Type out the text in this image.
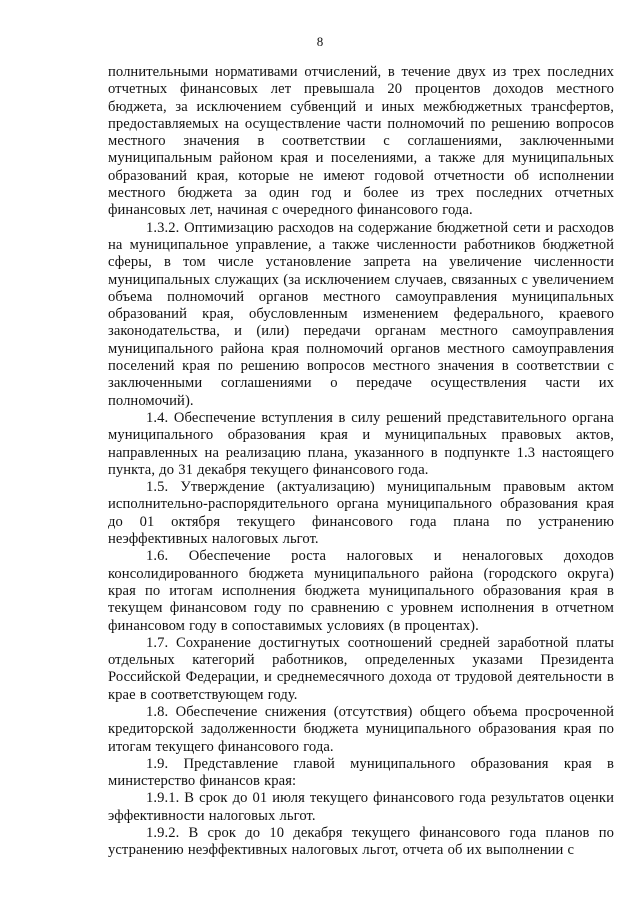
8

полнительными нормативами отчислений, в течение двух из трех последних отчетных финансовых лет превышала 20 процентов доходов местного бюджета, за исключением субвенций и иных межбюджетных трансфертов, предоставляемых на осуществление части полномочий по решению вопросов местного значения в соответствии с соглашениями, заключенными муниципальным районом края и поселениями, а также для муниципальных образований края, которые не имеют годовой отчетности об исполнении местного бюджета за один год и более из трех последних отчетных финансовых лет, начиная с очередного финансового года.

1.3.2. Оптимизацию расходов на содержание бюджетной сети и расходов на муниципальное управление, а также численности работников бюджетной сферы, в том числе установление запрета на увеличение численности муниципальных служащих (за исключением случаев, связанных с увеличением объема полномочий органов местного самоуправления муниципальных образований края, обусловленным изменением федерального, краевого законодательства, и (или) передачи органам местного самоуправления муниципального района края полномочий органов местного самоуправления поселений края по решению вопросов местного значения в соответствии с заключенными соглашениями о передаче осуществления части их полномочий).

1.4. Обеспечение вступления в силу решений представительного органа муниципального образования края и муниципальных правовых актов, направленных на реализацию плана, указанного в подпункте 1.3 настоящего пункта, до 31 декабря текущего финансового года.

1.5. Утверждение (актуализацию) муниципальным правовым актом исполнительно-распорядительного органа муниципального образования края до 01 октября текущего финансового года плана по устранению неэффективных налоговых льгот.

1.6. Обеспечение роста налоговых и неналоговых доходов консолидированного бюджета муниципального района (городского округа) края по итогам исполнения бюджета муниципального образования края в текущем финансовом году по сравнению с уровнем исполнения в отчетном финансовом году в сопоставимых условиях (в процентах).

1.7. Сохранение достигнутых соотношений средней заработной платы отдельных категорий работников, определенных указами Президента Российской Федерации, и среднемесячного дохода от трудовой деятельности в крае в соответствующем году.

1.8. Обеспечение снижения (отсутствия) общего объема просроченной кредиторской задолженности бюджета муниципального образования края по итогам текущего финансового года.

1.9. Представление главой муниципального образования края в министерство финансов края:

1.9.1. В срок до 01 июля текущего финансового года результатов оценки эффективности налоговых льгот.

1.9.2. В срок до 10 декабря текущего финансового года планов по устранению неэффективных налоговых льгот, отчета об их выполнении с
